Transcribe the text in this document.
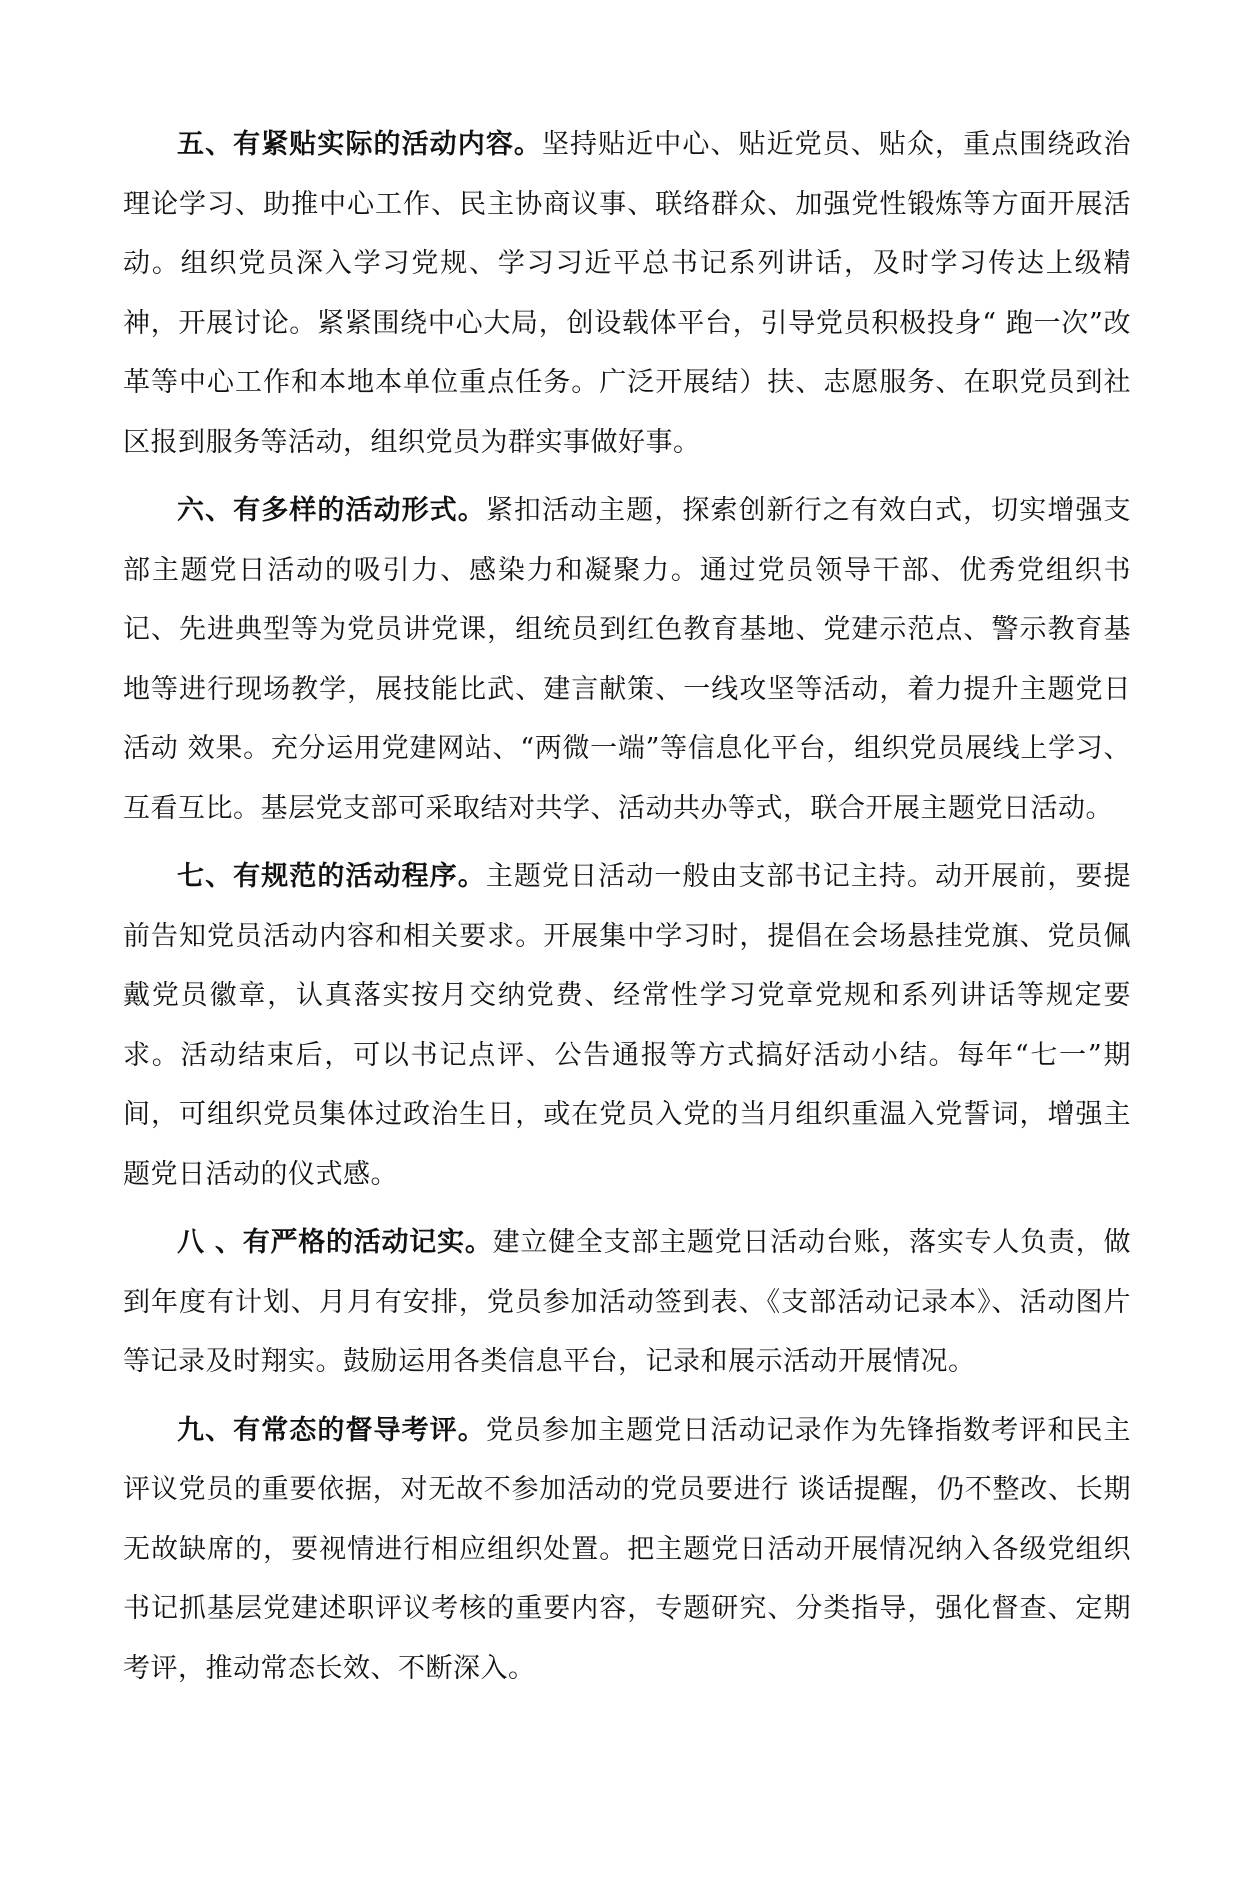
五、有紧贴实际的活动内容。坚持贴近中心、贴近党员、贴众，重点围绕政治理论学习、助推中心工作、民主协商议事、联络群众、加强党性锻炼等方面开展活动。组织党员深入学习党规、学习习近平总书记系列讲话，及时学习传达上级精神，开展讨论。紧紧围绕中心大局，创设载体平台，引导党员积极投身“ 跑一次”改革等中心工作和本地本单位重点任务。广泛开展结）扶、志愿服务、在职党员到社区报到服务等活动，组织党员为群实事做好事。

六、有多样的活动形式。紧扣活动主题，探索创新行之有效白式，切实增强支部主题党日活动的吸引力、感染力和凝聚力。通过党员领导干部、优秀党组织书记、先进典型等为党员讲党课，组统员到红色教育基地、党建示范点、警示教育基地等进行现场教学，展技能比武、建言献策、一线攻坚等活动，着力提升主题党日活动 效果。充分运用党建网站、“两微一端”等信息化平台，组织党员展线上学习、互看互比。基层党支部可采取结对共学、活动共办等式，联合开展主题党日活动。

七、有规范的活动程序。主题党日活动一般由支部书记主持。动开展前，要提前告知党员活动内容和相关要求。开展集中学习时，提倡在会场悬挂党旗、党员佩戴党员徽章，认真落实按月交纳党费、经常性学习党章党规和系列讲话等规定要求。活动结束后，可以书记点评、公告通报等方式搞好活动小结。每年“七一”期间，可组织党员集体过政治生日，或在党员入党的当月组织重温入党誓词，增强主题党日活动的仪式感。

八 、有严格的活动记实。建立健全支部主题党日活动台账，落实专人负责，做到年度有计划、月月有安排，党员参加活动签到表、《支部活动记录本》、活动图片等记录及时翔实。鼓励运用各类信息平台，记录和展示活动开展情况。

九、有常态的督导考评。党员参加主题党日活动记录作为先锋指数考评和民主评议党员的重要依据，对无故不参加活动的党员要进行 谈话提醒，仍不整改、长期无故缺席的，要视情进行相应组织处置。把主题党日活动开展情况纳入各级党组织书记抓基层党建述职评议考核的重要内容，专题研究、分类指导，强化督查、定期考评，推动常态长效、不断深入。
